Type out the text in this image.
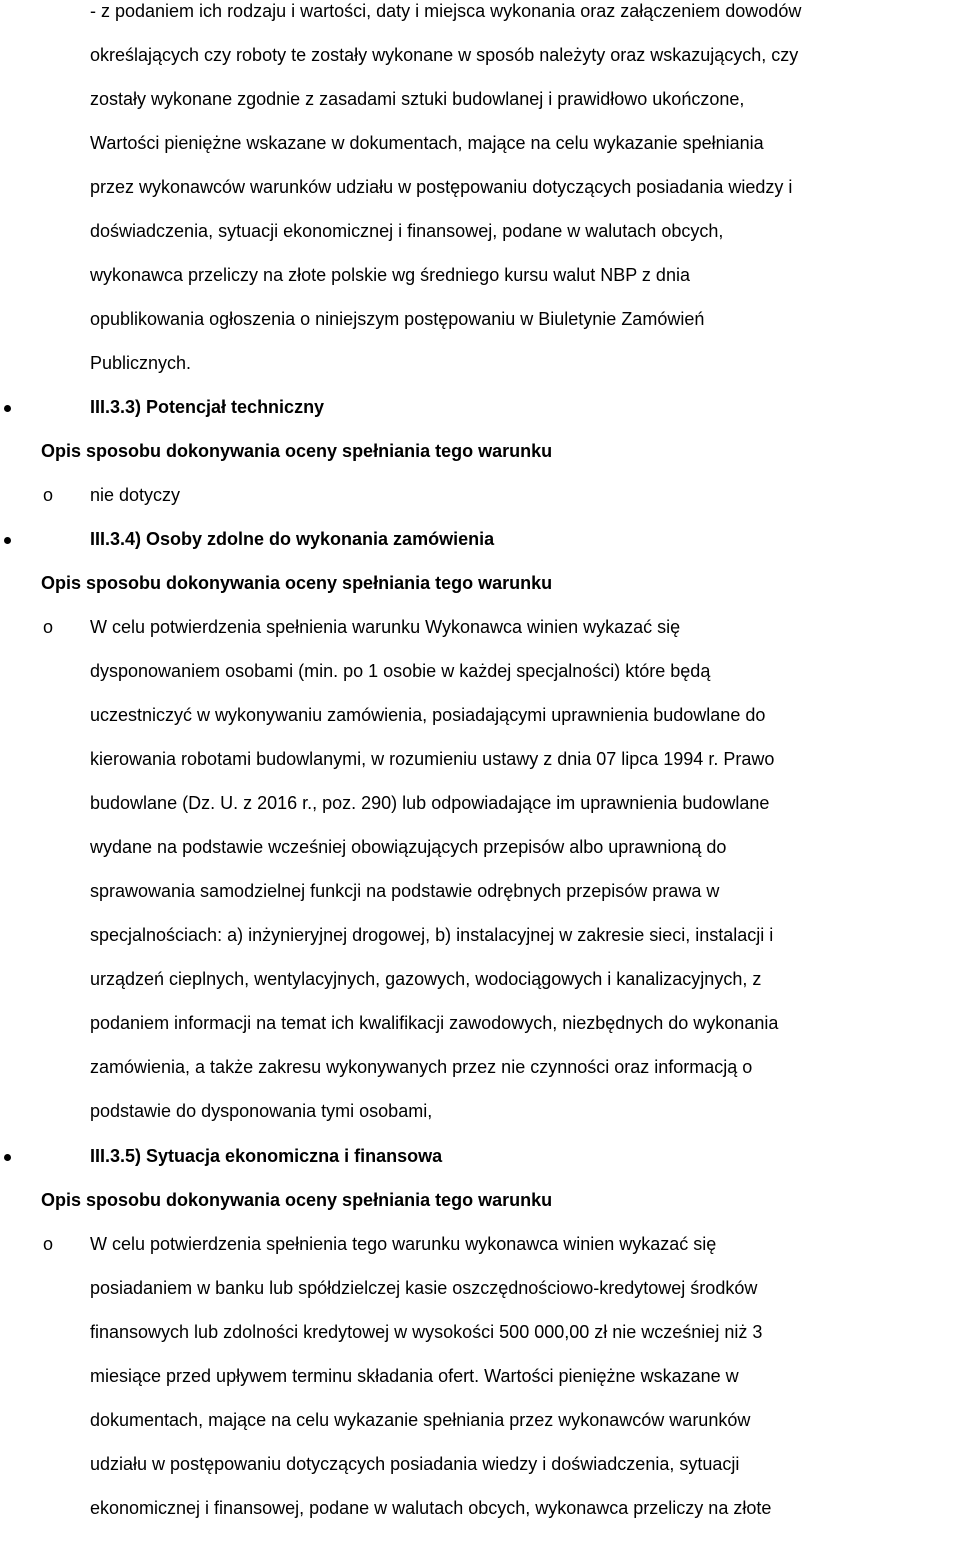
- z podaniem ich rodzaju i wartości, daty i miejsca wykonania oraz załączeniem dowodów
określających czy roboty te zostały wykonane w sposób należyty oraz wskazujących, czy
zostały wykonane zgodnie z zasadami sztuki budowlanej i prawidłowo ukończone,
Wartości pieniężne wskazane w dokumentach, mające na celu wykazanie spełniania
przez wykonawców warunków udziału w postępowaniu dotyczących posiadania wiedzy i
doświadczenia, sytuacji ekonomicznej i finansowej, podane w walutach obcych,
wykonawca przeliczy na złote polskie wg średniego kursu walut NBP z dnia
opublikowania ogłoszenia o niniejszym postępowaniu w Biuletynie Zamówień
Publicznych.
III.3.3) Potencjał techniczny
Opis sposobu dokonywania oceny spełniania tego warunku
o nie dotyczy
III.3.4) Osoby zdolne do wykonania zamówienia
Opis sposobu dokonywania oceny spełniania tego warunku
o W celu potwierdzenia spełnienia warunku Wykonawca winien wykazać się
dysponowaniem osobami (min. po 1 osobie w każdej specjalności) które będą
uczestniczyć w wykonywaniu zamówienia, posiadającymi uprawnienia budowlane do
kierowania robotami budowlanymi, w rozumieniu ustawy z dnia 07 lipca 1994 r. Prawo
budowlane (Dz. U. z 2016 r., poz. 290) lub odpowiadające im uprawnienia budowlane
wydane na podstawie wcześniej obowiązujących przepisów albo uprawnioną do
sprawowania samodzielnej funkcji na podstawie odrębnych przepisów prawa w
specjalnościach: a) inżynieryjnej drogowej, b) instalacyjnej w zakresie sieci, instalacji i
urządzeń cieplnych, wentylacyjnych, gazowych, wodociągowych i kanalizacyjnych, z
podaniem informacji na temat ich kwalifikacji zawodowych, niezbędnych do wykonania
zamówienia, a także zakresu wykonywanych przez nie czynności oraz informacją o
podstawie do dysponowania tymi osobami,
III.3.5) Sytuacja ekonomiczna i finansowa
Opis sposobu dokonywania oceny spełniania tego warunku
o W celu potwierdzenia spełnienia tego warunku wykonawca winien wykazać się
posiadaniem w banku lub spółdzielczej kasie oszczędnościowo-kredytowej środków
finansowych lub zdolności kredytowej w wysokości 500 000,00 zł nie wcześniej niż 3
miesiące przed upływem terminu składania ofert. Wartości pieniężne wskazane w
dokumentach, mające na celu wykazanie spełniania przez wykonawców warunków
udziału w postępowaniu dotyczących posiadania wiedzy i doświadczenia, sytuacji
ekonomicznej i finansowej, podane w walutach obcych, wykonawca przeliczy na złote
